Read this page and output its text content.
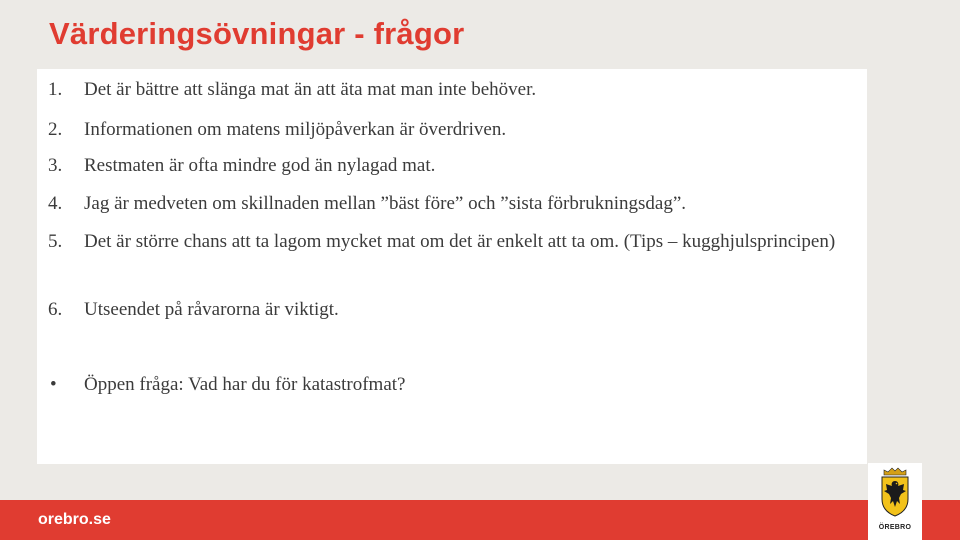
Värderingsövningar - frågor
1. Det är bättre att slänga mat än att äta mat man inte behöver.
2. Informationen om matens miljöpåverkan är överdriven.
3. Restmaten är ofta mindre god än nylagad mat.
4. Jag är medveten om skillnaden mellan ”bäst före” och ”sista förbrukningsdag”.
5. Det är större chans att ta lagom mycket mat om det är enkelt att ta om. (Tips – kugghjulsprincipen)
6. Utseendet på råvarorna är viktigt.
• Öppen fråga: Vad har du för katastrofmat?
orebro.se	ÖREBRO
